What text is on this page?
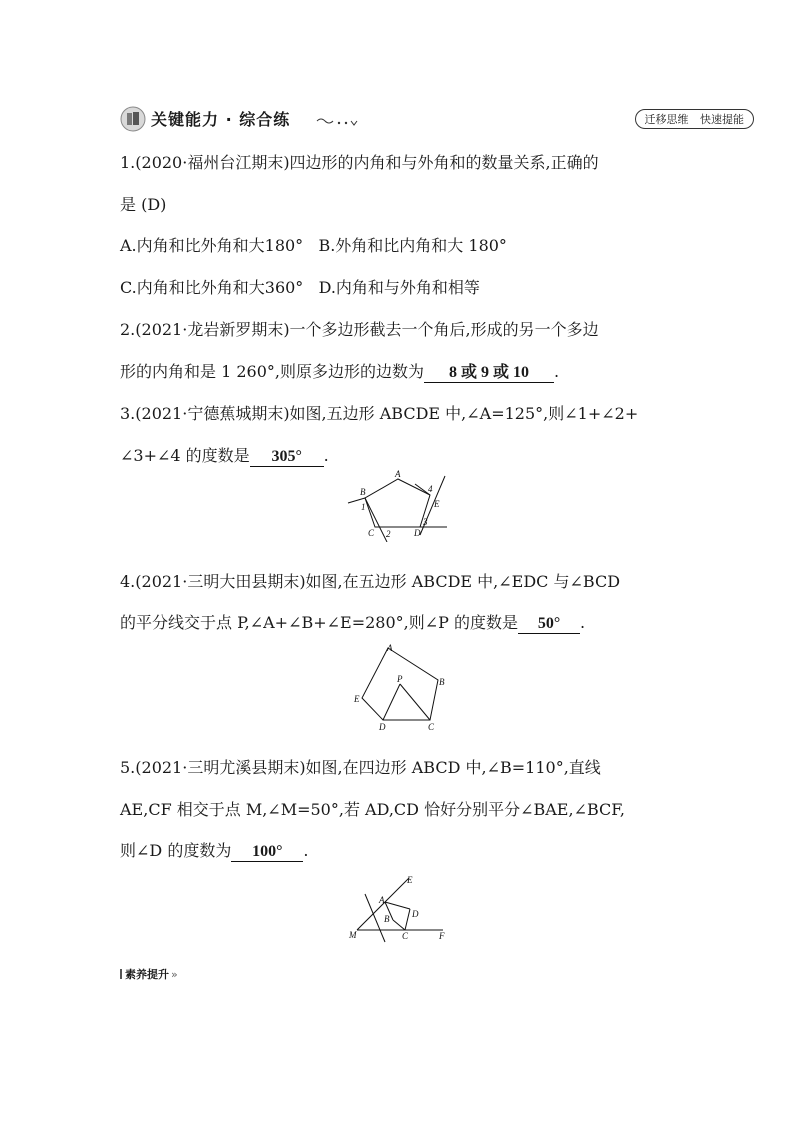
关键能力 · 综合练	迁移思维 快速提能
1.(2020·福州台江期末)四边形的内角和与外角和的数量关系,正确的
是 (D)
A.内角和比外角和大180° B.外角和比内角和大 180°
C.内角和比外角和大360° D.内角和与外角和相等
2.(2021·龙岩新罗期末)一个多边形截去一个角后,形成的另一个多边
形的内角和是 1 260°,则原多边形的边数为 8 或 9 或 10 .
3.(2021·宁德蕉城期末)如图,五边形 ABCDE 中,∠A=125°,则∠1+∠2+
∠3+∠4 的度数是 305° .
A
B
C	D
E
1
2
3
4
4.(2021·三明大田县期末)如图,在五边形 ABCDE 中,∠EDC 与∠BCD
的平分线交于点 P,∠A+∠B+∠E=280°,则∠P 的度数是 50° .
A
B
C
D
E
P
5.(2021·三明尤溪县期末)如图,在四边形 ABCD 中,∠B=110°,直线
AE,CF 相交于点 M,∠M=50°,若 AD,CD 恰好分别平分∠BAE,∠BCF,
则∠D 的度数为 100° .
A
B
C
D
E
F
M
素养提升 »
